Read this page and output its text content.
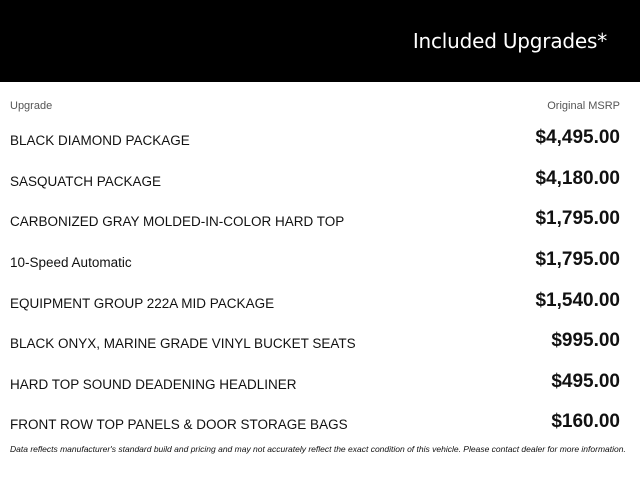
Included Upgrades*
Upgrade	Original MSRP
BLACK DIAMOND PACKAGE	$4,495.00
SASQUATCH PACKAGE	$4,180.00
CARBONIZED GRAY MOLDED-IN-COLOR HARD TOP	$1,795.00
10-Speed Automatic	$1,795.00
EQUIPMENT GROUP 222A MID PACKAGE	$1,540.00
BLACK ONYX, MARINE GRADE VINYL BUCKET SEATS	$995.00
HARD TOP SOUND DEADENING HEADLINER	$495.00
FRONT ROW TOP PANELS & DOOR STORAGE BAGS	$160.00
Data reflects manufacturer's standard build and pricing and may not accurately reflect the exact condition of this vehicle. Please contact dealer for more information.
